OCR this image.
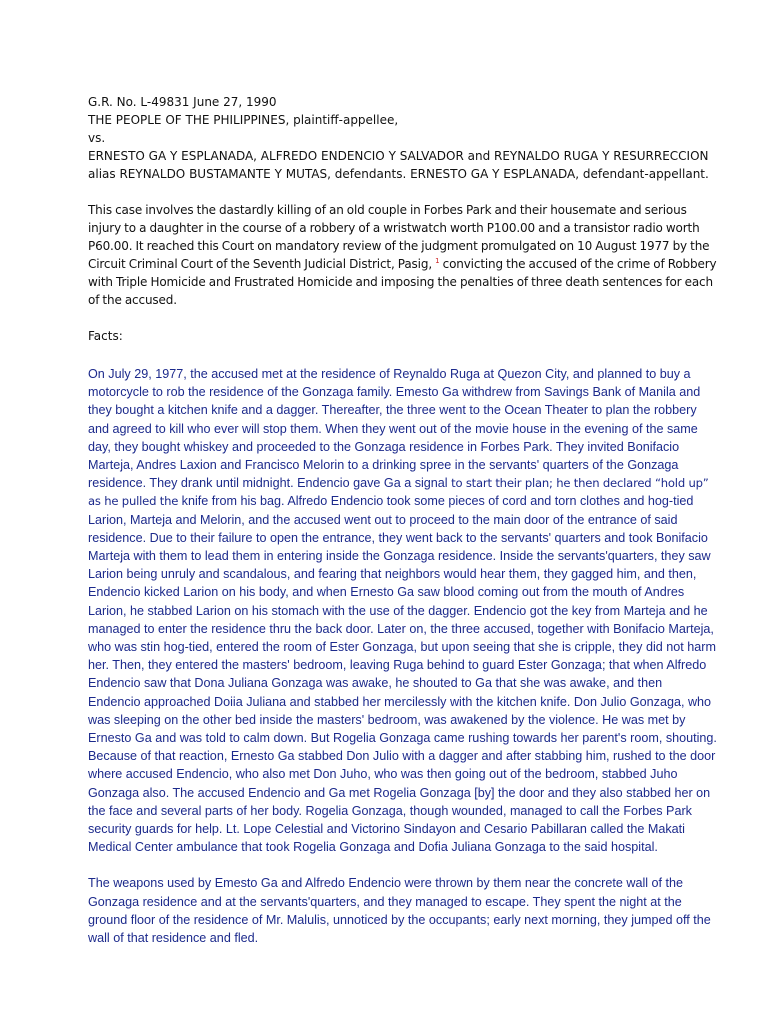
G.R. No. L-49831 June 27, 1990

THE PEOPLE OF THE PHILIPPINES, plaintiff-appellee,

vs.

ERNESTO GA Y ESPLANADA, ALFREDO ENDENCIO Y SALVADOR and REYNALDO RUGA Y RESURRECCION

alias REYNALDO BUSTAMANTE Y MUTAS, defendants. ERNESTO GA Y ESPLANADA, defendant-appellant.

This case involves the dastardly killing of an old couple in Forbes Park and their housemate and serious injury to a daughter in the course of a robbery of a wristwatch worth P100.00 and a transistor radio worth P60.00. It reached this Court on mandatory review of the judgment promulgated on 10 August 1977 by the Circuit Criminal Court of the Seventh Judicial District, Pasig, $^1$ convicting the accused of the crime of Robbery with Triple Homicide and Frustrated Homicide and imposing the penalties of three death sentences for each of the accused.

Facts:

On July 29, 1977, the accused met at the residence of Reynaldo Ruga at Quezon City, and planned to buy a motorcycle to rob the residence of the Gonzaga family. Emesto Ga withdrew from Savings Bank of Manila and they bought a kitchen knife and a dagger. Thereafter, the three went to the Ocean Theater to plan the robbery and agreed to kill who ever will stop them. When they went out of the movie house in the evening of the same day, they bought whiskey and proceeded to the Gonzaga residence in Forbes Park. They invited Bonifacio Marteja, Andres Laxion and Francisco Melorin to a drinking spree in the servants' quarters of the Gonzaga residence. They drank until midnight. Endencio gave Ga a signal to start their plan; he then declared “hold up” as he pulled the knife from his bag. Alfredo Endencio took some pieces of cord and torn clothes and hog-tied Larion, Marteja and Melorin, and the accused went out to proceed to the main door of the entrance of said residence. Due to their failure to open the entrance, they went back to the servants' quarters and took Bonifacio Marteja with them to lead them in entering inside the Gonzaga residence. Inside the servants'quarters, they saw Larion being unruly and scandalous, and fearing that neighbors would hear them, they gagged him, and then, Endencio kicked Larion on his body, and when Ernesto Ga saw blood coming out from the mouth of Andres Larion, he stabbed Larion on his stomach with the use of the dagger. Endencio got the key from Marteja and he managed to enter the residence thru the back door. Later on, the three accused, together with Bonifacio Marteja, who was stin hog-tied, entered the room of Ester Gonzaga, but upon seeing that she is cripple, they did not harm her. Then, they entered the masters' bedroom, leaving Ruga behind to guard Ester Gonzaga; that when Alfredo Endencio saw that Dona Juliana Gonzaga was awake, he shouted to Ga that she was awake, and then Endencio approached Doiia Juliana and stabbed her mercilessly with the kitchen knife. Don Julio Gonzaga, who was sleeping on the other bed inside the masters' bedroom, was awakened by the violence. He was met by Ernesto Ga and was told to calm down. But Rogelia Gonzaga came rushing towards her parent's room, shouting. Because of that reaction, Ernesto Ga stabbed Don Julio with a dagger and after stabbing him, rushed to the door where accused Endencio, who also met Don Juho, who was then going out of the bedroom, stabbed Juho Gonzaga also. The accused Endencio and Ga met Rogelia Gonzaga [by] the door and they also stabbed her on the face and several parts of her body. Rogelia Gonzaga, though wounded, managed to call the Forbes Park security guards for help. Lt. Lope Celestial and Victorino Sindayon and Cesario Pabillaran called the Makati Medical Center ambulance that took Rogelia Gonzaga and Dofia Juliana Gonzaga to the said hospital.

The weapons used by Emesto Ga and Alfredo Endencio were thrown by them near the concrete wall of the Gonzaga residence and at the servants'quarters, and they managed to escape. They spent the night at the ground floor of the residence of Mr. Malulis, unnoticed by the occupants; early next morning, they jumped off the wall of that residence and fled.
